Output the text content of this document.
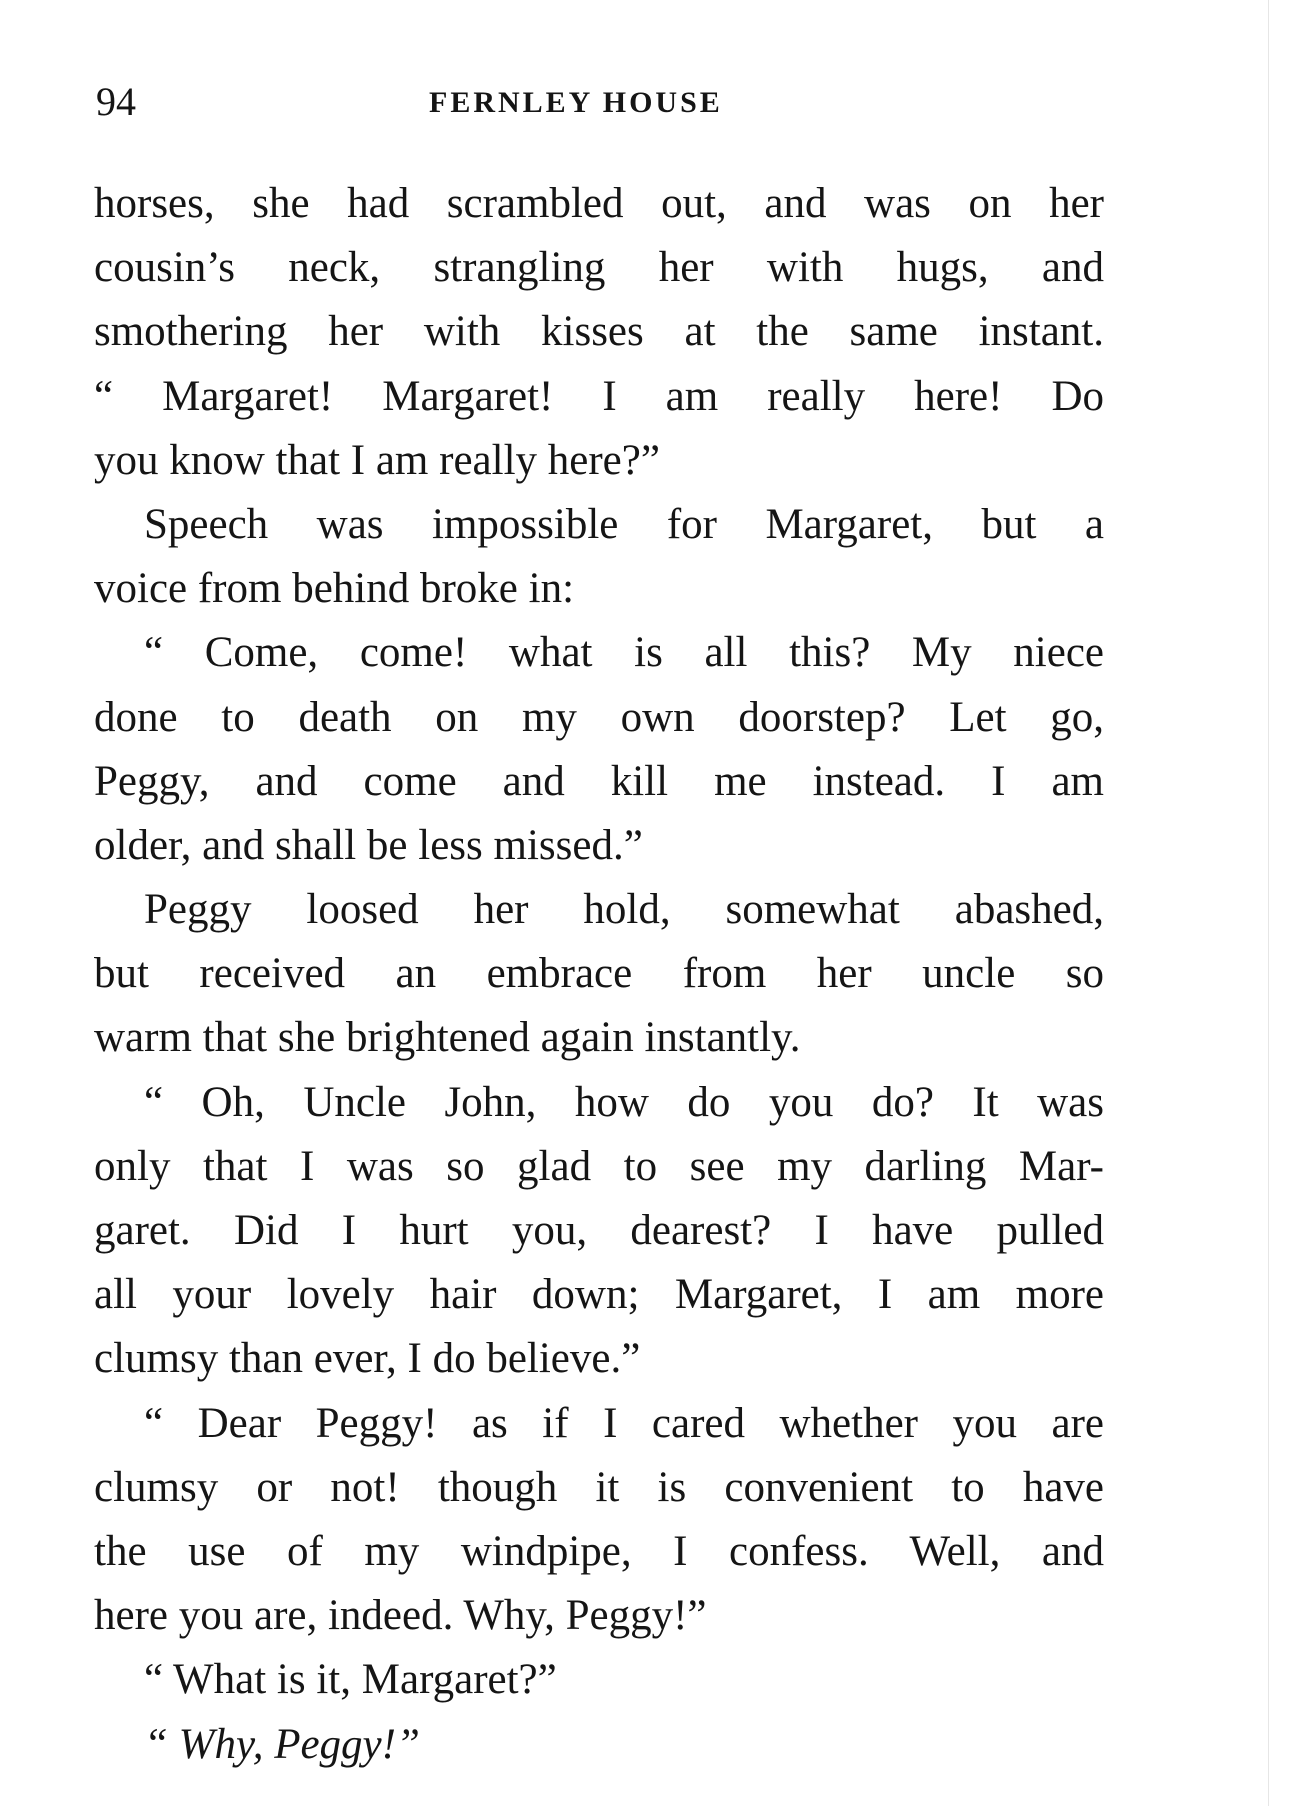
94	FERNLEY HOUSE
horses, she had scrambled out, and was on her
cousin’s neck, strangling her with hugs, and
smothering her with kisses at the same instant.
“ Margaret! Margaret! I am really here! Do
you know that I am really here?”
Speech was impossible for Margaret, but a
voice from behind broke in:
“ Come, come! what is all this? My niece
done to death on my own doorstep? Let go,
Peggy, and come and kill me instead. I am
older, and shall be less missed.”
Peggy loosed her hold, somewhat abashed,
but received an embrace from her uncle so
warm that she brightened again instantly.
“ Oh, Uncle John, how do you do? It was
only that I was so glad to see my darling Mar-
garet. Did I hurt you, dearest? I have pulled
all your lovely hair down; Margaret, I am more
clumsy than ever, I do believe.”
“ Dear Peggy! as if I cared whether you are
clumsy or not! though it is convenient to have
the use of my windpipe, I confess. Well, and
here you are, indeed. Why, Peggy!”
“ What is it, Margaret?”
“ Why, Peggy!”
